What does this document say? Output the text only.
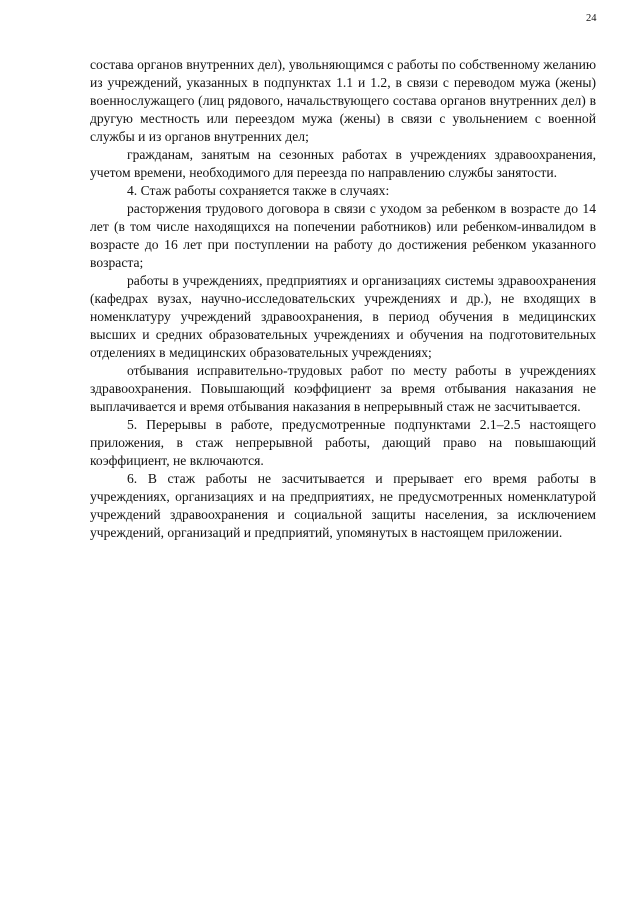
24

состава органов внутренних дел), увольняющимся с работы по собственному желанию из учреждений, указанных в подпунктах 1.1 и 1.2, в связи с переводом мужа (жены) военнослужащего (лиц рядового, начальствующего состава органов внутренних дел) в другую местность или переездом мужа (жены) в связи с увольнением с военной службы и из органов внутренних дел;

гражданам, занятым на сезонных работах в учреждениях здравоохранения, учетом времени, необходимого для переезда по направлению службы занятости.

4. Стаж работы сохраняется также в случаях:

расторжения трудового договора в связи с уходом за ребенком в возрасте до 14 лет (в том числе находящихся на попечении работников) или ребенком-инвалидом в возрасте до 16 лет при поступлении на работу до достижения ребенком указанного возраста;

работы в учреждениях, предприятиях и организациях системы здравоохранения (кафедрах вузах, научно-исследовательских учреждениях и др.), не входящих в номенклатуру учреждений здравоохранения, в период обучения в медицинских высших и средних образовательных учреждениях и обучения на подготовительных отделениях в медицинских образовательных учреждениях;

отбывания исправительно-трудовых работ по месту работы в учреждениях здравоохранения. Повышающий коэффициент за время отбывания наказания не выплачивается и время отбывания наказания в непрерывный стаж не засчитывается.

5. Перерывы в работе, предусмотренные подпунктами 2.1–2.5 настоящего приложения, в стаж непрерывной работы, дающий право на повышающий коэффициент, не включаются.

6. В стаж работы не засчитывается и прерывает его время работы в учреждениях, организациях и на предприятиях, не предусмотренных номенклатурой учреждений здравоохранения и социальной защиты населения, за исключением учреждений, организаций и предприятий, упомянутых в настоящем приложении.
